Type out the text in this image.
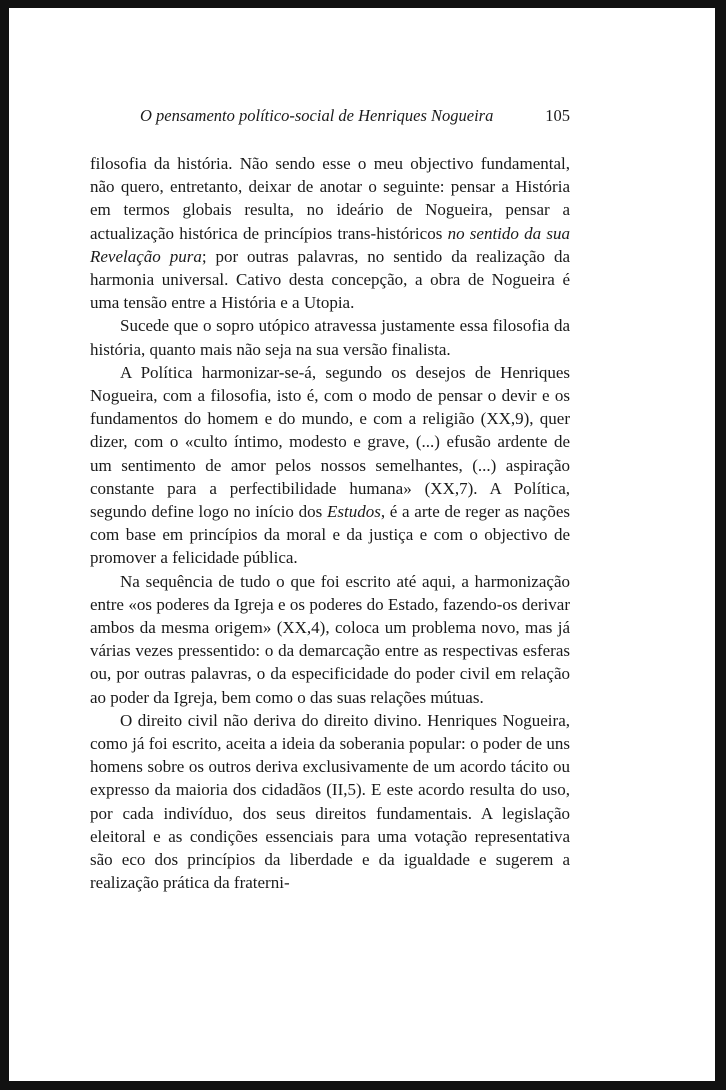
O pensamento político-social de Henriques Nogueira	105

filosofia da história. Não sendo esse o meu objectivo fundamental, não quero, entretanto, deixar de anotar o seguinte: pensar a História em termos globais resulta, no ideário de Nogueira, pensar a actualização histórica de princípios trans-históricos no sentido da sua Revelação pura; por outras palavras, no sentido da realização da harmonia universal. Cativo desta concepção, a obra de Nogueira é uma tensão entre a História e a Utopia.

Sucede que o sopro utópico atravessa justamente essa filosofia da história, quanto mais não seja na sua versão finalista.

A Política harmonizar-se-á, segundo os desejos de Henriques Nogueira, com a filosofia, isto é, com o modo de pensar o devir e os fundamentos do homem e do mundo, e com a religião (XX,9), quer dizer, com o «culto íntimo, modesto e grave, (...) efusão ardente de um sentimento de amor pelos nossos semelhantes, (...) aspiração constante para a perfectibilidade humana» (XX,7). A Política, segundo define logo no início dos Estudos, é a arte de reger as nações com base em princípios da moral e da justiça e com o objectivo de promover a felicidade pública.

Na sequência de tudo o que foi escrito até aqui, a harmonização entre «os poderes da Igreja e os poderes do Estado, fazendo-os derivar ambos da mesma origem» (XX,4), coloca um problema novo, mas já várias vezes pressentido: o da demarcação entre as respectivas esferas ou, por outras palavras, o da especificidade do poder civil em relação ao poder da Igreja, bem como o das suas relações mútuas.

O direito civil não deriva do direito divino. Henriques Nogueira, como já foi escrito, aceita a ideia da soberania popular: o poder de uns homens sobre os outros deriva exclusivamente de um acordo tácito ou expresso da maioria dos cidadãos (II,5). E este acordo resulta do uso, por cada indivíduo, dos seus direitos fundamentais. A legislação eleitoral e as condições essenciais para uma votação representativa são eco dos princípios da liberdade e da igualdade e sugerem a realização prática da fraterni-
